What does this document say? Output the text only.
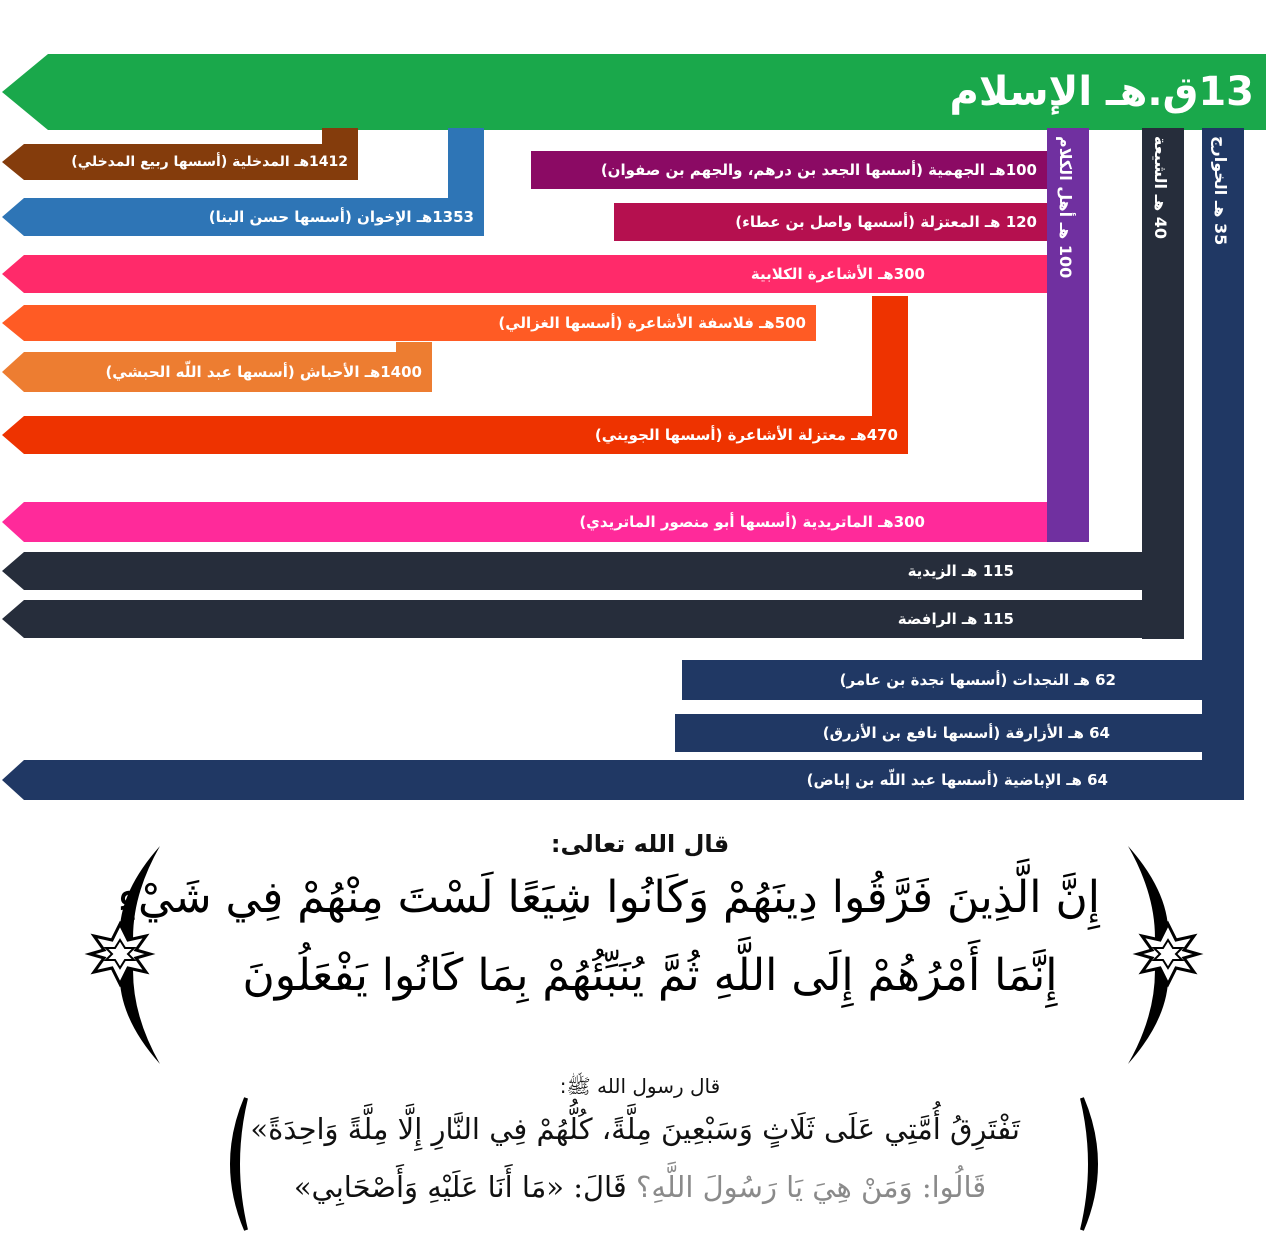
13ق.هـ الإسلام
100 هـ أهل الكلام
40 هـ الشيعة
35 هـ الخوارج
1412هـ المدخلية (أسسها ربيع المدخلي)
1353هـ الإخوان (أسسها حسن البنا)
100هـ الجهمية (أسسها الجعد بن درهم، والجهم بن صفوان)
120 هـ المعتزلة (أسسها واصل بن عطاء)
300هـ الأشاعرة الكلابية
500هـ فلاسفة الأشاعرة (أسسها الغزالي)
1400هـ الأحباش (أسسها عبد اللّه الحبشي)
470هـ معتزلة الأشاعرة (أسسها الجويني)
300هـ الماتريدية (أسسها أبو منصور الماتريدي)
115 هـ الزيدية
115 هـ الرافضة
62 هـ النجدات (أسسها نجدة بن عامر)
64 هـ الأزارقة (أسسها نافع بن الأزرق)
64 هـ الإباضية (أسسها عبد اللّه بن إباض)
قال الله تعالى:
إِنَّ الَّذِينَ فَرَّقُوا دِينَهُمْ وَكَانُوا شِيَعًا لَسْتَ مِنْهُمْ فِي شَيْءٍ
إِنَّمَا أَمْرُهُمْ إِلَى اللَّهِ ثُمَّ يُنَبِّئُهُمْ بِمَا كَانُوا يَفْعَلُونَ
قال رسول الله ﷺ:
تَفْتَرِقُ أُمَّتِي عَلَى ثَلَاثٍ وَسَبْعِينَ مِلَّةً، كُلُّهُمْ فِي النَّارِ إِلَّا مِلَّةً وَاحِدَةً»
قَالُوا: وَمَنْ هِيَ يَا رَسُولَ اللَّهِ؟ قَالَ: «مَا أَنَا عَلَيْهِ وَأَصْحَابِي»
